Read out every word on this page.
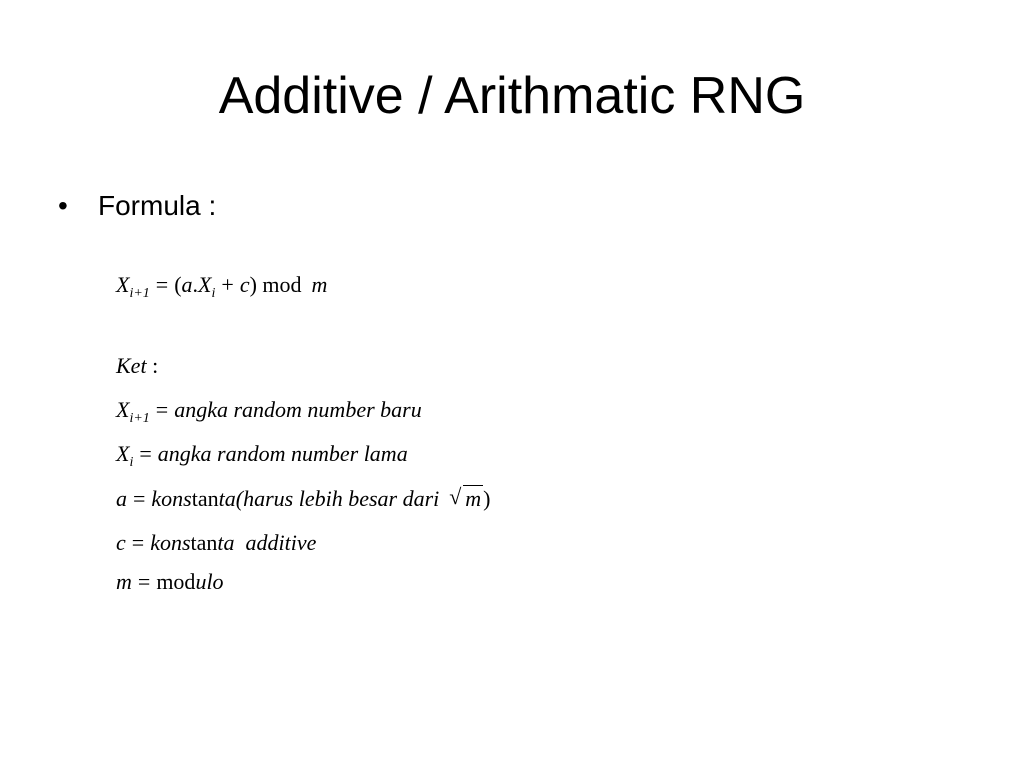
Additive / Arithmatic RNG
• Formula :
$X_{i+1} = (a.X_i + c)$ mod m
Ket :
$X_{i+1}$ = angka random number baru
$X_i$ = angka random number lama
a = konstanta(harus lebih besar dari √ m)
c = konstanta  additive
m = modulo
